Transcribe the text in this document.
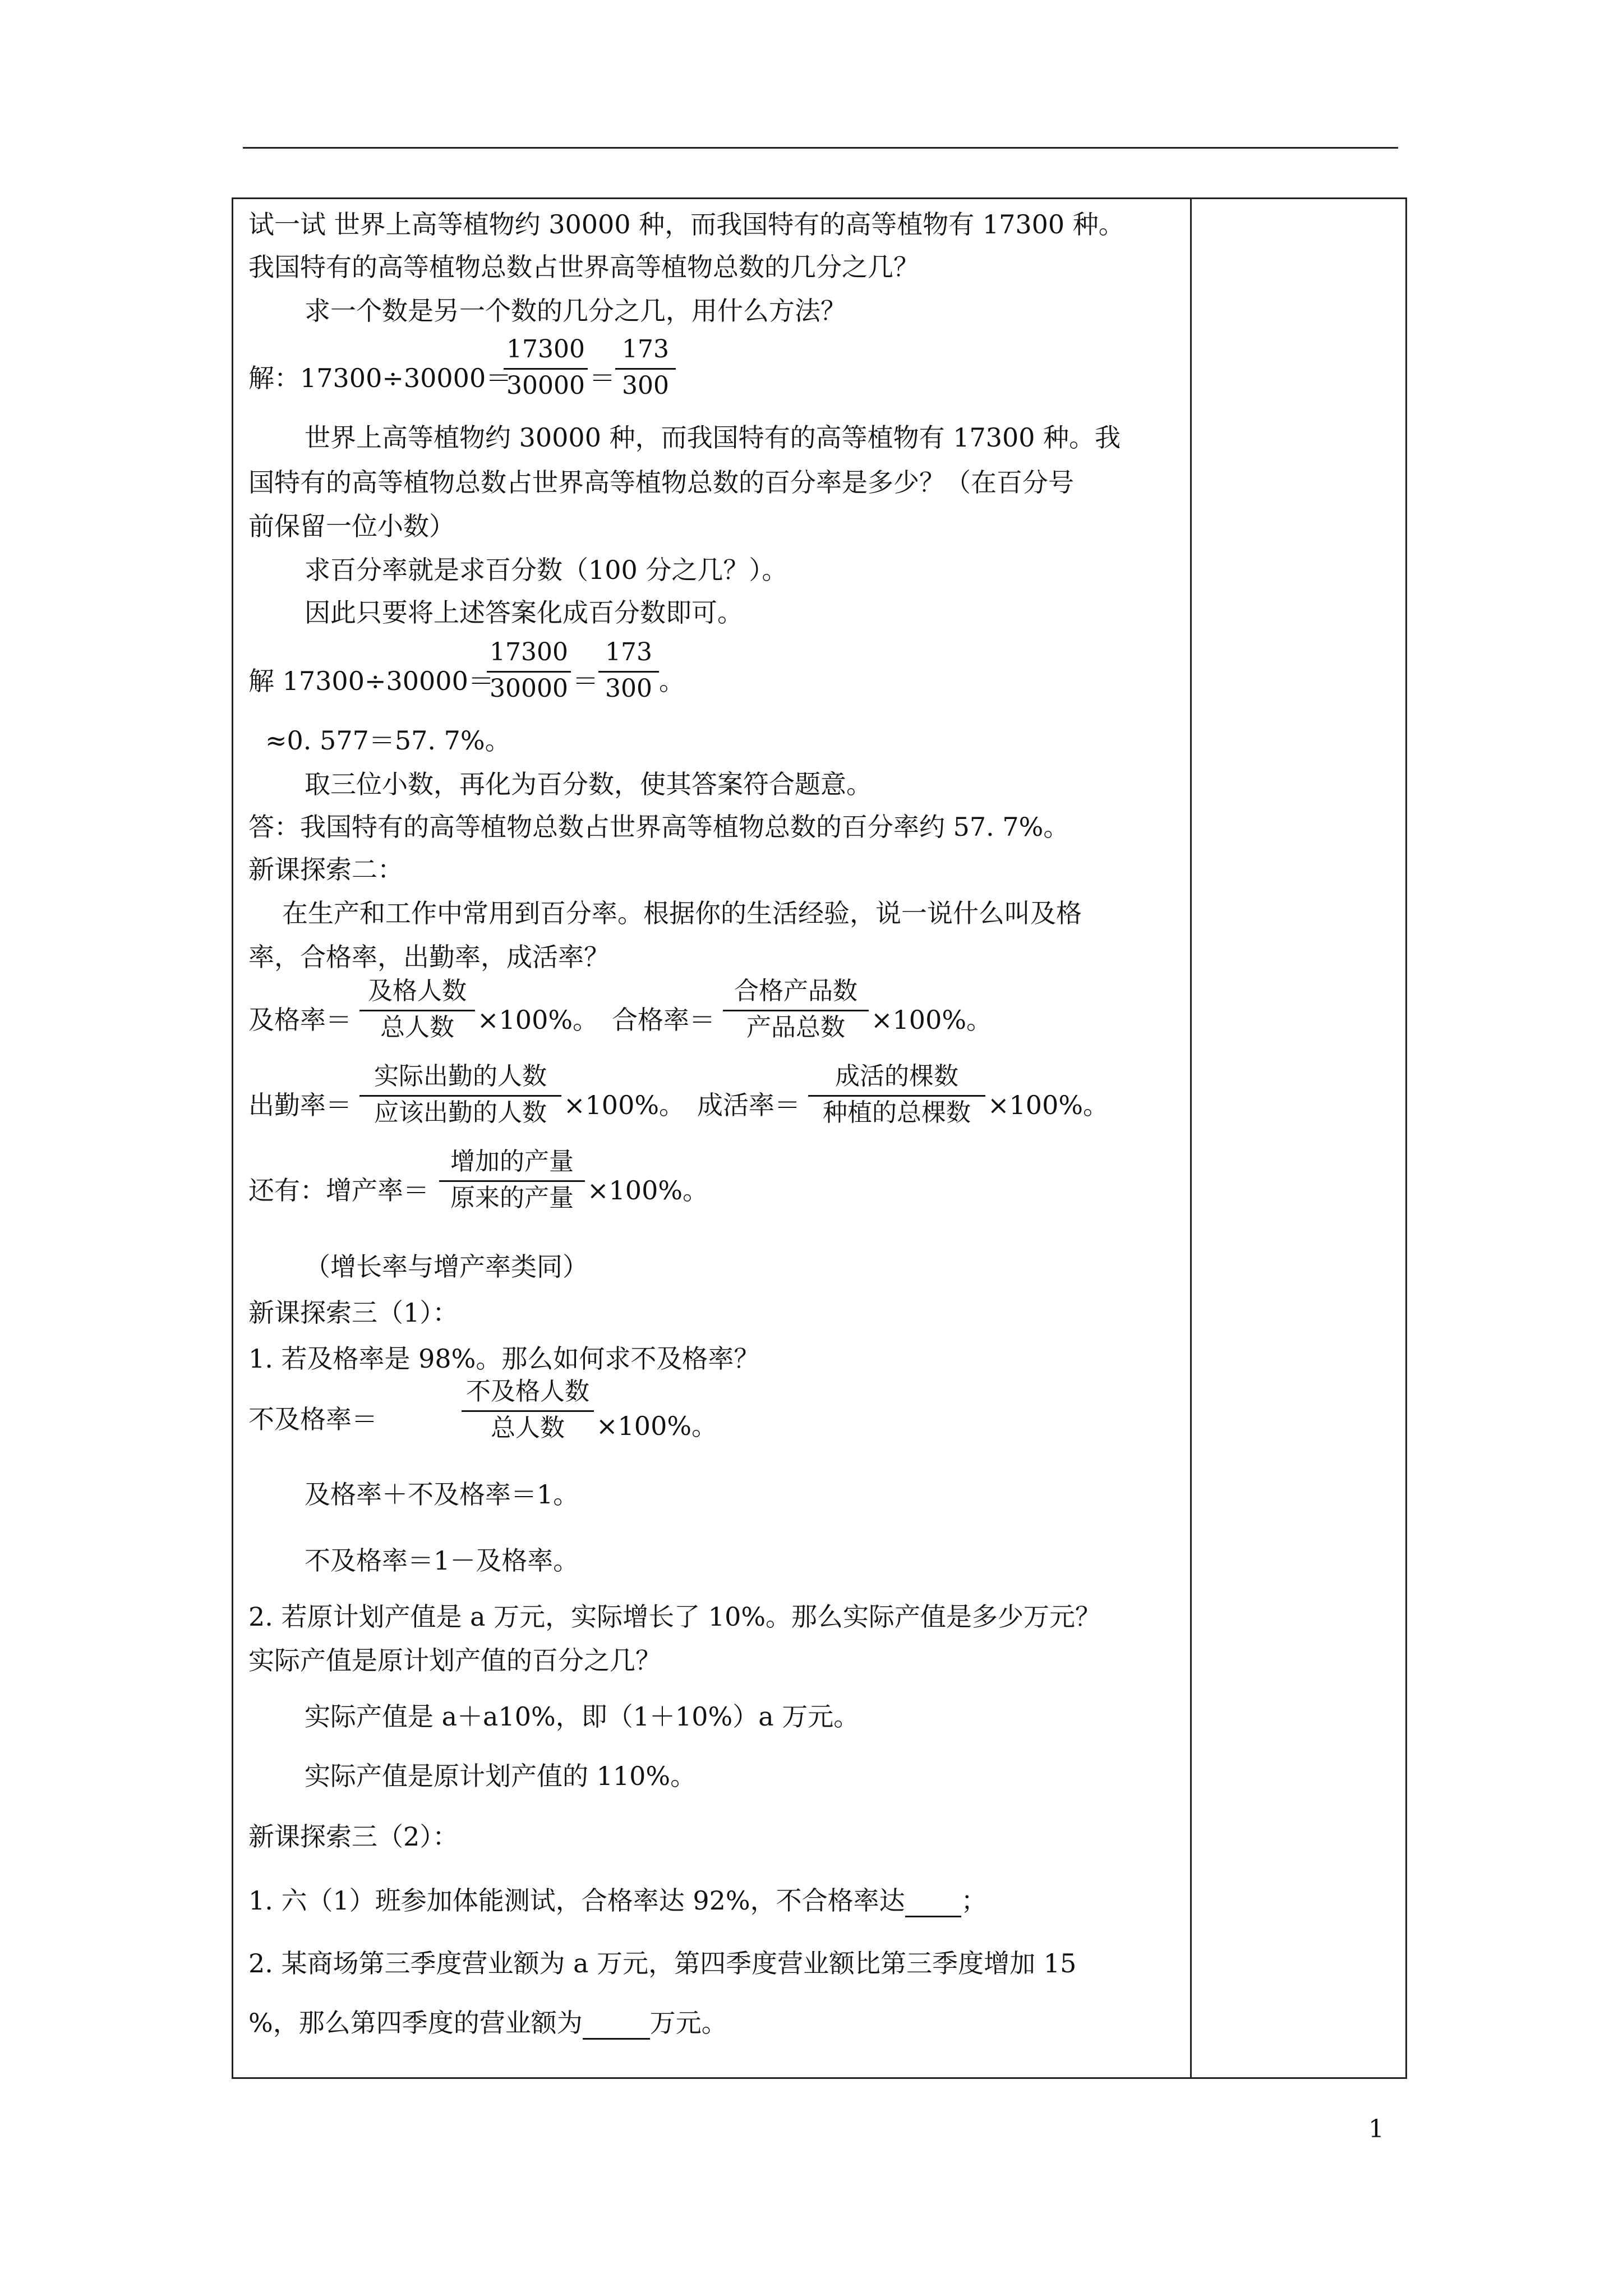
试一试 世界上高等植物约 30000 种，而我国特有的高等植物有 17300 种。
我国特有的高等植物总数占世界高等植物总数的几分之几？
求一个数是另一个数的几分之几，用什么方法？
解：17300÷30000＝
$\frac{17300}{30000} = \frac{173}{300}$
世界上高等植物约 30000 种，而我国特有的高等植物有 17300 种。我
国特有的高等植物总数占世界高等植物总数的百分率是多少？（在百分号
前保留一位小数）
求百分率就是求百分数（100 分之几？）。
因此只要将上述答案化成百分数即可。
解 17300÷30000＝
$\frac{17300}{30000} = \frac{173}{300}$ 。
≈0. 577＝57. 7%。
取三位小数，再化为百分数，使其答案符合题意。
答：我国特有的高等植物总数占世界高等植物总数的百分率约 57. 7%。
新课探索二：
在生产和工作中常用到百分率。根据你的生活经验，说一说什么叫及格
率，合格率，出勤率，成活率？
及格率＝
及格人数
总人数 ×100%。 合格率＝
合格产品数
产品总数	×100%。
出勤率＝
实际出勤的人数
应该出勤的人数 ×100%。 成活率＝
成活的棵数
种植的总棵数 ×100%。
还有：增产率＝
增加的产量
原来的产量 ×100%。
（增长率与增产率类同）
新课探索三（1）：
1. 若及格率是 98%。那么如何求不及格率？
不及格率＝
不及格人数
总人数	×100%。
及格率＋不及格率＝1。
不及格率＝1－及格率。
2. 若原计划产值是 a 万元，实际增长了 10%。那么实际产值是多少万元？
实际产值是原计划产值的百分之几？
实际产值是 a＋a10%，即（1＋10%）a 万元。
实际产值是原计划产值的 110%。
新课探索三（2）：
1. 六（1）班参加体能测试，合格率达 92%，不合格率达 ；
2. 某商场第三季度营业额为 a 万元，第四季度营业额比第三季度增加 15
%，那么第四季度的营业额为	万元。
1
